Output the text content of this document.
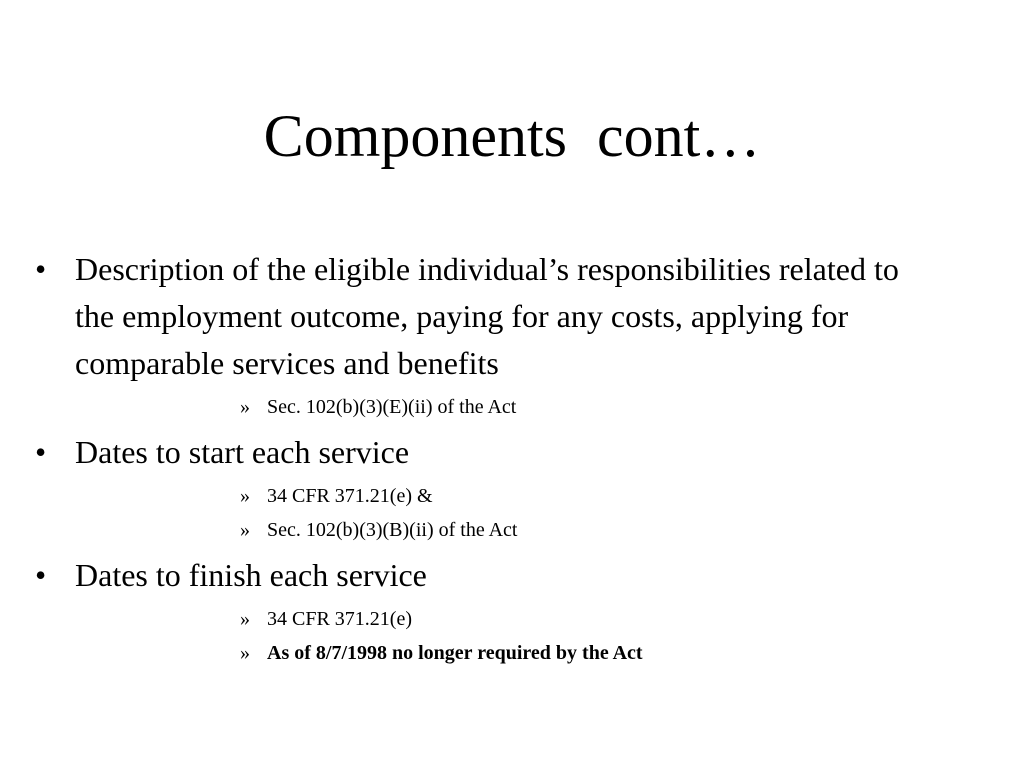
Components  cont…
• Description of the eligible individual’s responsibilities related to the employment outcome, paying for any costs, applying for comparable services and benefits
» Sec. 102(b)(3)(E)(ii) of the Act
• Dates to start each service
» 34 CFR 371.21(e) &
» Sec. 102(b)(3)(B)(ii) of the Act
• Dates to finish each service
» 34 CFR 371.21(e)
» As of 8/7/1998 no longer required by the Act
